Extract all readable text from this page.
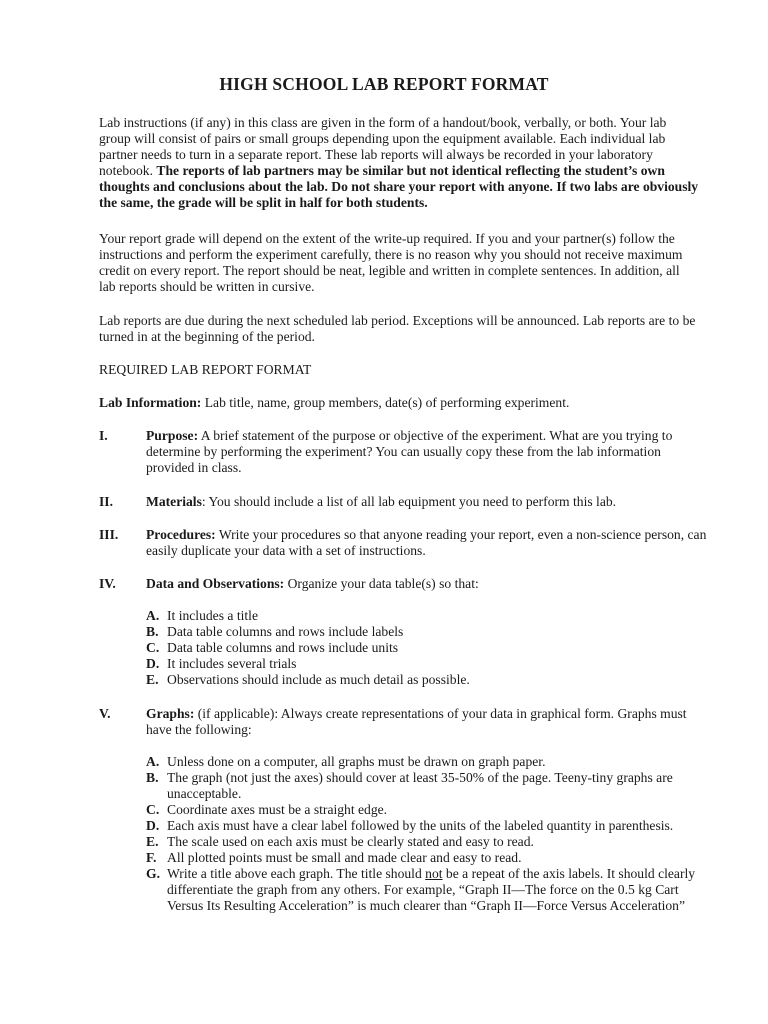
HIGH SCHOOL LAB REPORT FORMAT

Lab instructions (if any) in this class are given in the form of a handout/book, verbally, or both. Your lab group will consist of pairs or small groups depending upon the equipment available. Each individual lab partner needs to turn in a separate report. These lab reports will always be recorded in your laboratory notebook. The reports of lab partners may be similar but not identical reflecting the student’s own thoughts and conclusions about the lab. Do not share your report with anyone. If two labs are obviously the same, the grade will be split in half for both students.

Your report grade will depend on the extent of the write-up required. If you and your partner(s) follow the instructions and perform the experiment carefully, there is no reason why you should not receive maximum credit on every report. The report should be neat, legible and written in complete sentences. In addition, all lab reports should be written in cursive.

Lab reports are due during the next scheduled lab period. Exceptions will be announced. Lab reports are to be turned in at the beginning of the period.

REQUIRED LAB REPORT FORMAT

Lab Information: Lab title, name, group members, date(s) of performing experiment.

I.	Purpose: A brief statement of the purpose or objective of the experiment. What are you trying to determine by performing the experiment? You can usually copy these from the lab information provided in class.
II. Materials: You should include a list of all lab equipment you need to perform this lab.
III. Procedures: Write your procedures so that anyone reading your report, even a non-science person, can easily duplicate your data with a set of instructions.
IV. Data and Observations: Organize your data table(s) so that:
A. It includes a title
B. Data table columns and rows include labels
C. Data table columns and rows include units
D. It includes several trials
E. Observations should include as much detail as possible.
V.	Graphs: (if applicable): Always create representations of your data in graphical form. Graphs must have the following:
A. Unless done on a computer, all graphs must be drawn on graph paper.
B. The graph (not just the axes) should cover at least 35-50% of the page. Teeny-tiny graphs are unacceptable.
C. Coordinate axes must be a straight edge.
D. Each axis must have a clear label followed by the units of the labeled quantity in parenthesis.
E. The scale used on each axis must be clearly stated and easy to read.
F. All plotted points must be small and made clear and easy to read.
G. Write a title above each graph. The title should not be a repeat of the axis labels. It should clearly differentiate the graph from any others. For example, “Graph II—The force on the 0.5 kg Cart Versus Its Resulting Acceleration” is much clearer than “Graph II—Force Versus Acceleration”
